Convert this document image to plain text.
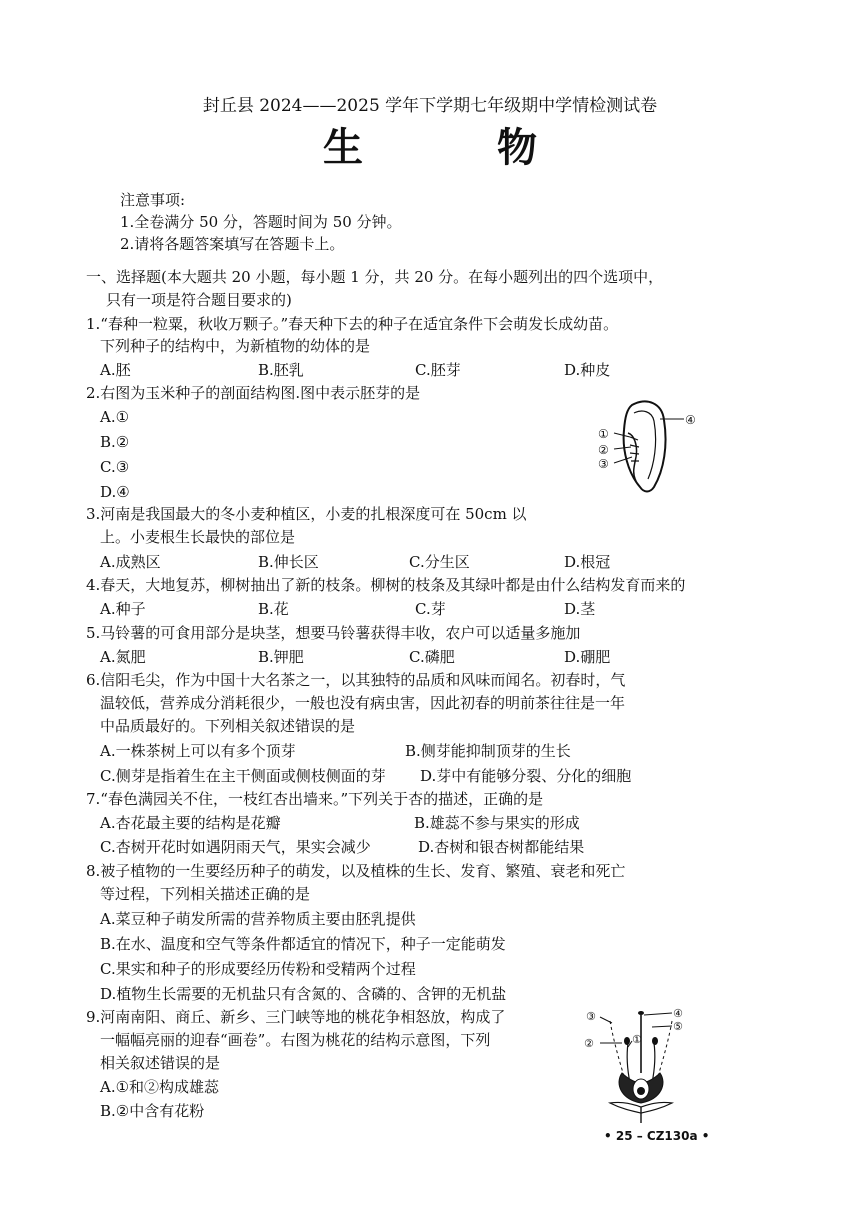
封丘县 2024——2025 学年下学期七年级期中学情检测试卷
生 物
注意事项:
1.全卷满分 50 分，答题时间为 50 分钟。
2.请将各题答案填写在答题卡上。
一、选择题(本大题共 20 小题，每小题 1 分，共 20 分。在每小题列出的四个选项中，
只有一项是符合题目要求的)
1.“春种一粒粟，秋收万颗子。”春天种下去的种子在适宜条件下会萌发长成幼苗。
下列种子的结构中，为新植物的幼体的是
A.胚	B.胚乳	C.胚芽	D.种皮
2.右图为玉米种子的剖面结构图.图中表示胚芽的是
A.①
B.②
C.③
D.④
①
②
③
④
3.河南是我国最大的冬小麦种植区，小麦的扎根深度可在 50cm 以
上。小麦根生长最快的部位是
A.成熟区	B.伸长区	C.分生区	D.根冠
4.春天，大地复苏，柳树抽出了新的枝条。柳树的枝条及其绿叶都是由什么结构发育而来的
A.种子	B.花	C.芽	D.茎
5.马铃薯的可食用部分是块茎，想要马铃薯获得丰收，农户可以适量多施加
A.氮肥	B.钾肥	C.磷肥	D.硼肥
6.信阳毛尖，作为中国十大名茶之一，以其独特的品质和风味而闻名。初春时，气
温较低，营养成分消耗很少，一般也没有病虫害，因此初春的明前茶往往是一年
中品质最好的。下列相关叙述错误的是
A.一株茶树上可以有多个顶芽	B.侧芽能抑制顶芽的生长
C.侧芽是指着生在主干侧面或侧枝侧面的芽 D.芽中有能够分裂、分化的细胞
7.“春色满园关不住，一枝红杏出墙来。”下列关于杏的描述，正确的是
A.杏花最主要的结构是花瓣	B.雄蕊不参与果实的形成
C.杏树开花时如遇阴雨天气，果实会减少	D.杏树和银杏树都能结果
8.被子植物的一生要经历种子的萌发，以及植株的生长、发育、繁殖、衰老和死亡
等过程，下列相关描述正确的是
A.菜豆种子萌发所需的营养物质主要由胚乳提供
B.在水、温度和空气等条件都适宜的情况下，种子一定能萌发
C.果实和种子的形成要经历传粉和受精两个过程
D.植物生长需要的无机盐只有含氮的、含磷的、含钾的无机盐
9.河南南阳、商丘、新乡、三门峡等地的桃花争相怒放，构成了
一幅幅亮丽的迎春“画卷”。右图为桃花的结构示意图，下列
相关叙述错误的是
A.①和②构成雄蕊
B.②中含有花粉
①
②
③	④
⑤
• 25 – CZ130a •
